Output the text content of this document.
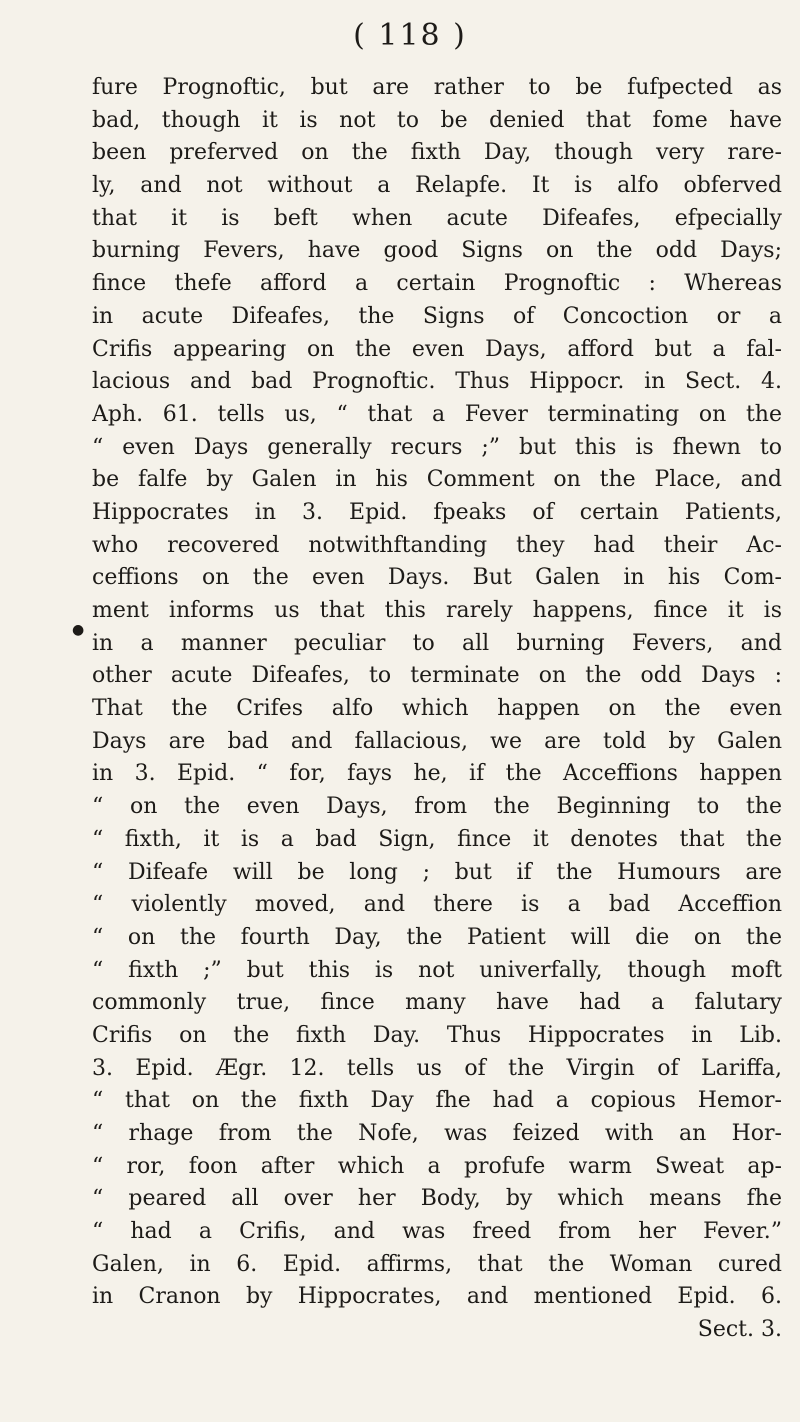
( 118 )
●
fure Prognoftic, but are rather to be fufpected as
bad, though it is not to be denied that fome have
been preferved on the fixth Day, though very rare-
ly, and not without a Relapfe. It is alfo obferved
that it is beft when acute Difeafes, efpecially
burning Fevers, have good Signs on the odd Days;
fince thefe afford a certain Prognoftic : Whereas
in acute Difeafes, the Signs of Concoction or a
Crifis appearing on the even Days, afford but a fal-
lacious and bad Prognoftic. Thus Hippocr. in Sect. 4.
Aph. 61. tells us, “ that a Fever terminating on the
“ even Days generally recurs ;” but this is fhewn to
be falfe by Galen in his Comment on the Place, and
Hippocrates in 3. Epid. fpeaks of certain Patients,
who recovered notwithftanding they had their Ac-
ceffions on the even Days. But Galen in his Com-
ment informs us that this rarely happens, fince it is
in a manner peculiar to all burning Fevers, and
other acute Difeafes, to terminate on the odd Days :
That the Crifes alfo which happen on the even
Days are bad and fallacious, we are told by Galen
in 3. Epid. “ for, fays he, if the Acceffions happen
“ on the even Days, from the Beginning to the
“ fixth, it is a bad Sign, fince it denotes that the
“ Difeafe will be long ; but if the Humours are
“ violently moved, and there is a bad Acceffion
“ on the fourth Day, the Patient will die on the
“ fixth ;” but this is not univerfally, though moft
commonly true, fince many have had a falutary
Crifis on the fixth Day. Thus Hippocrates in Lib.
3. Epid. Ægr. 12. tells us of the Virgin of Lariffa,
“ that on the fixth Day fhe had a copious Hemor-
“ rhage from the Nofe, was feized with an Hor-
“ ror, foon after which a profufe warm Sweat ap-
“ peared all over her Body, by which means fhe
“ had a Crifis, and was freed from her Fever.”
Galen, in 6. Epid. affirms, that the Woman cured
in Cranon by Hippocrates, and mentioned Epid. 6.
Sect. 3.
